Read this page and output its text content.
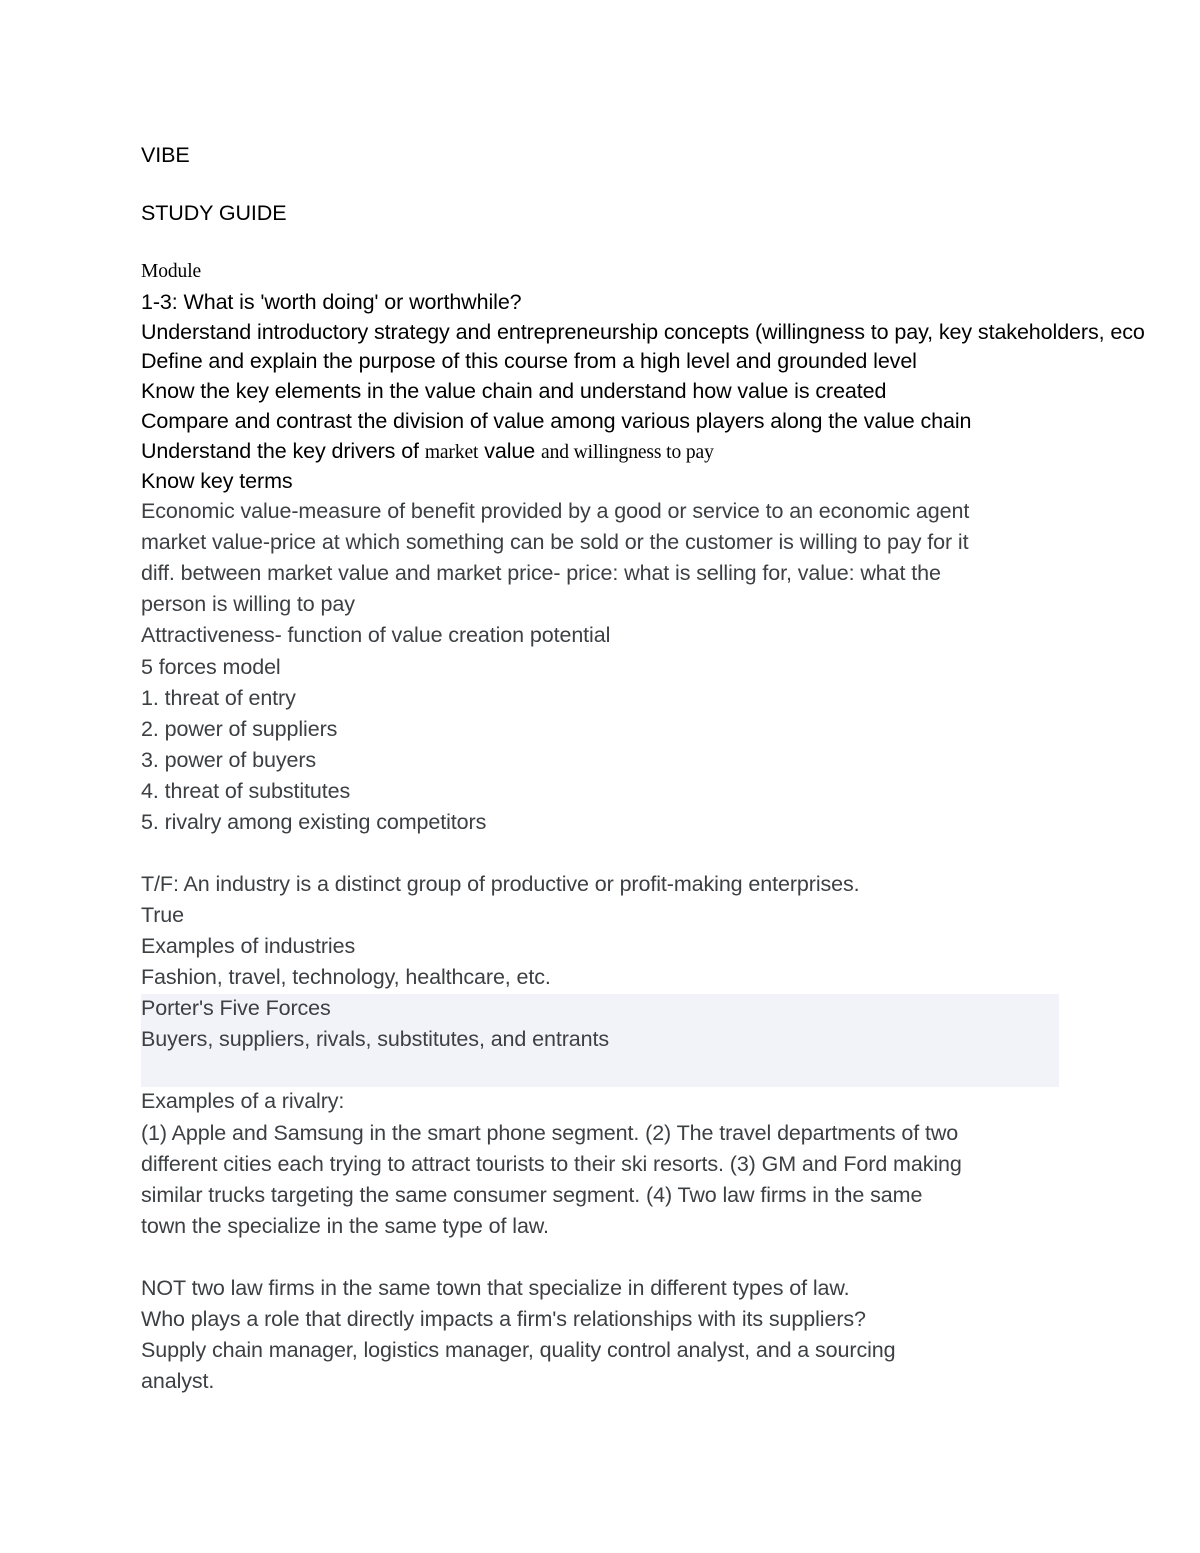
VIBE
STUDY GUIDE
Module
1-3: What is 'worth doing' or worthwhile?
Understand introductory strategy and entrepreneurship concepts (willingness to pay, key stakeholders, eco
Define and explain the purpose of this course from a high level and grounded level
Know the key elements in the value chain and understand how value is created
Compare and contrast the division of value among various players along the value chain
Understand the key drivers of market value and willingness to pay
Know key terms
Economic value-measure of benefit provided by a good or service to an economic agent
market value-price at which something can be sold or the customer is willing to pay for it
diff. between market value and market price- price: what is selling for, value: what the
person is willing to pay
Attractiveness- function of value creation potential
5 forces model
1. threat of entry
2. power of suppliers
3. power of buyers
4. threat of substitutes
5. rivalry among existing competitors
T/F: An industry is a distinct group of productive or profit-making enterprises.
True
Examples of industries
Fashion, travel, technology, healthcare, etc.
Porter's Five Forces
Buyers, suppliers, rivals, substitutes, and entrants
Examples of a rivalry:
(1) Apple and Samsung in the smart phone segment. (2) The travel departments of two
different cities each trying to attract tourists to their ski resorts. (3) GM and Ford making
similar trucks targeting the same consumer segment. (4) Two law firms in the same
town the specialize in the same type of law.
NOT two law firms in the same town that specialize in different types of law.
Who plays a role that directly impacts a firm's relationships with its suppliers?
Supply chain manager, logistics manager, quality control analyst, and a sourcing
analyst.
